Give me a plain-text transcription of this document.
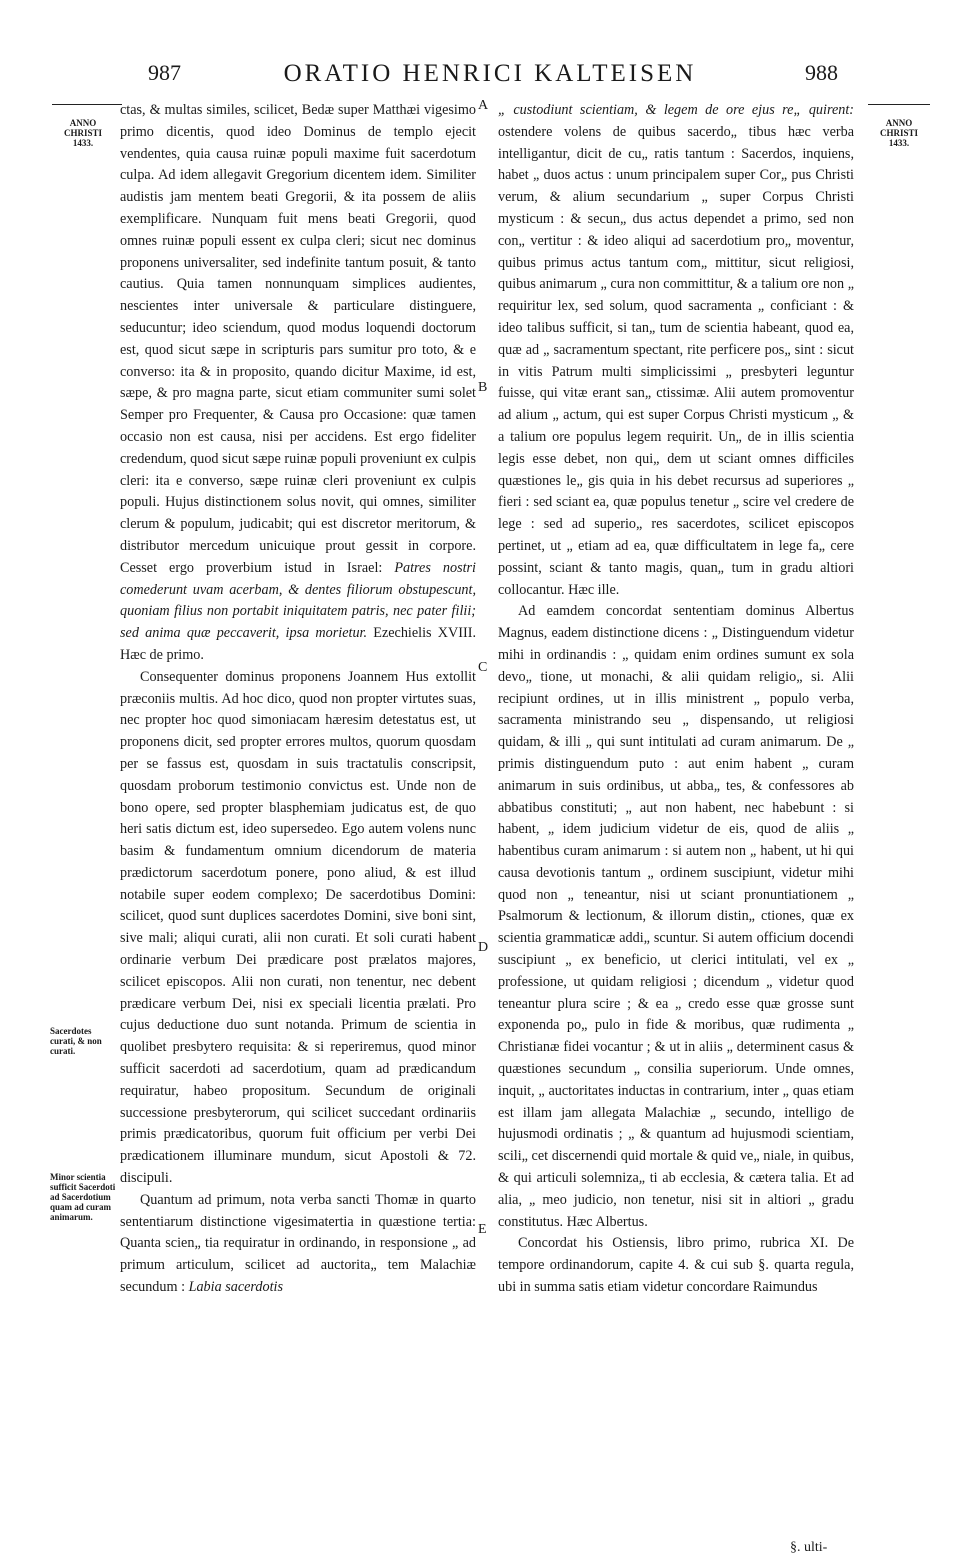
987	ORATIO HENRICI KALTEISEN	988
ANNO
CHRISTI
1433.
ANNO
CHRISTI
1433.
Sacerdotes curati, & non curati.
Minor scientia sufficit Sacerdoti ad Sacerdotium quam ad curam animarum.
A
B
C
D
E

ctas, & multas similes, scilicet, Bedæ super Matthæi vigesimo primo dicentis, quod ideo Dominus de templo ejecit vendentes, quia causa ruinæ populi maxime fuit sacerdotum culpa. Ad idem allegavit Gregorium dicentem idem. Similiter audistis jam mentem beati Gregorii, & ita possem de aliis exemplificare. Nunquam fuit mens beati Gregorii, quod omnes ruinæ populi essent ex culpa cleri; sicut nec dominus proponens universaliter, sed indefinite tantum posuit, & tanto cautius. Quia tamen nonnunquam simplices audientes, nescientes inter universale & particulare distinguere, seducuntur; ideo sciendum, quod modus loquendi doctorum est, quod sicut sæpe in scripturis pars sumitur pro toto, & e converso: ita & in proposito, quando dicitur Maxime, id est, sæpe, & pro magna parte, sicut etiam communiter sumi solet Semper pro Frequenter, & Causa pro Occasione: quæ tamen occasio non est causa, nisi per accidens. Est ergo fideliter credendum, quod sicut sæpe ruinæ populi proveniunt ex culpis cleri: ita e converso, sæpe ruinæ cleri proveniunt ex culpis populi. Hujus distinctionem solus novit, qui omnes, similiter clerum & populum, judicabit; qui est discretor meritorum, & distributor mercedum unicuique prout gessit in corpore. Cesset ergo proverbium istud in Israel: Patres nostri comederunt uvam acerbam, & dentes filiorum obstupescunt, quoniam filius non portabit iniquitatem patris, nec pater filii; sed anima quæ peccaverit, ipsa morietur. Ezechielis XVIII. Hæc de primo.

Consequenter dominus proponens Joannem Hus extollit præconiis multis. Ad hoc dico, quod non propter virtutes suas, nec propter hoc quod simoniacam hæresim detestatus est, ut proponens dicit, sed propter errores multos, quorum quosdam per se fassus est, quosdam in suis tractatulis conscripsit, quosdam proborum testimonio convictus est. Unde non de bono opere, sed propter blasphemiam judicatus est, de quo heri satis dictum est, ideo supersedeo. Ego autem volens nunc basim & fundamentum omnium dicendorum de materia prædictorum sacerdotum ponere, pono aliud, & est illud notabile super eodem complexo; De sacerdotibus Domini: scilicet, quod sunt duplices sacerdotes Domini, sive boni sint, sive mali; aliqui curati, alii non curati. Et soli curati habent ordinarie verbum Dei prædicare post prælatos majores, scilicet episcopos. Alii non curati, non tenentur, nec debent prædicare verbum Dei, nisi ex speciali licentia prælati. Pro cujus deductione duo sunt notanda. Primum de scientia in quolibet presbytero requisita: & si reperiremus, quod minor sufficit sacerdoti ad sacerdotium, quam ad prædicandum requiratur, habeo propositum. Secundum de originali successione presbyterorum, qui scilicet succedant ordinariis primis prædicatoribus, quorum fuit officium per verbi Dei prædicationem illuminare mundum, sicut Apostoli & 72. discipuli.

Quantum ad primum, nota verba sancti Thomæ in quarto sententiarum distinctione vigesimatertia in quæstione tertia: Quanta scien„ tia requiratur in ordinando, in responsione „ ad primum articulum, scilicet ad auctorita„ tem Malachiæ secundum : Labia sacerdotis

„ custodiunt scientiam, & legem de ore ejus re„ quirent: ostendere volens de quibus sacerdo„ tibus hæc verba intelligantur, dicit de cu„ ratis tantum : Sacerdos, inquiens, habet „ duos actus : unum principalem super Cor„ pus Christi verum, & alium secundarium „ super Corpus Christi mysticum : & secun„ dus actus dependet a primo, sed non con„ vertitur : & ideo aliqui ad sacerdotium pro„ moventur, quibus primus actus tantum com„ mittitur, sicut religiosi, quibus animarum „ cura non committitur, & a talium ore non „ requiritur lex, sed solum, quod sacramenta „ conficiant : & ideo talibus sufficit, si tan„ tum de scientia habeant, quod ea, quæ ad „ sacramentum spectant, rite perficere pos„ sint : sicut in vitis Patrum multi simplicissimi „ presbyteri leguntur fuisse, qui vitæ erant san„ ctissimæ. Alii autem promoventur ad alium „ actum, qui est super Corpus Christi mysticum „ & a talium ore populus legem requirit. Un„ de in illis scientia legis esse debet, non qui„ dem ut sciant omnes difficiles quæstiones le„ gis quia in his debet recursus ad superiores „ fieri : sed sciant ea, quæ populus tenetur „ scire vel credere de lege : sed ad superio„ res sacerdotes, scilicet episcopos pertinet, ut „ etiam ad ea, quæ difficultatem in lege fa„ cere possint, sciant & tanto magis, quan„ tum in gradu altiori collocantur. Hæc ille.

Ad eamdem concordat sententiam dominus Albertus Magnus, eadem distinctione dicens : „ Distinguendum videtur mihi in ordinandis : „ quidam enim ordines sumunt ex sola devo„ tione, ut monachi, & alii quidam religio„ si. Alii recipiunt ordines, ut in illis ministrent „ populo verba, sacramenta ministrando seu „ dispensando, ut religiosi quidam, & illi „ qui sunt intitulati ad curam animarum. De „ primis distinguendum puto : aut enim habent „ curam animarum in suis ordinibus, ut abba„ tes, & confessores ab abbatibus constituti; „ aut non habent, nec habebunt : si habent, „ idem judicium videtur de eis, quod de aliis „ habentibus curam animarum : si autem non „ habent, ut hi qui causa devotionis tantum „ ordinem suscipiunt, videtur mihi quod non „ teneantur, nisi ut sciant pronuntiationem „ Psalmorum & lectionum, & illorum distin„ ctiones, quæ ex scientia grammaticæ addi„ scuntur. Si autem officium docendi suscipiunt „ ex beneficio, ut clerici intitulati, vel ex „ professione, ut quidam religiosi ; dicendum „ videtur quod teneantur plura scire ; & ea „ credo esse quæ grosse sunt exponenda po„ pulo in fide & moribus, quæ rudimenta „ Christianæ fidei vocantur ; & ut in aliis „ determinent casus & quæstiones secundum „ consilia superiorum. Unde omnes, inquit, „ auctoritates inductas in contrarium, inter „ quas etiam est illam jam allegata Malachiæ „ secundo, intelligo de hujusmodi ordinatis ; „ & quantum ad hujusmodi scientiam, scili„ cet discernendi quid mortale & quid ve„ niale, in quibus, & qui articuli solemniza„ ti ab ecclesia, & cætera talia. Et ad alia, „ meo judicio, non tenetur, nisi sit in altiori „ gradu constitutus. Hæc Albertus.

Concordat his Ostiensis, libro primo, rubrica XI. De tempore ordinandorum, capite 4. & cui sub §. quarta regula, ubi in summa satis etiam videtur concordare Raimundus

§. ulti-
